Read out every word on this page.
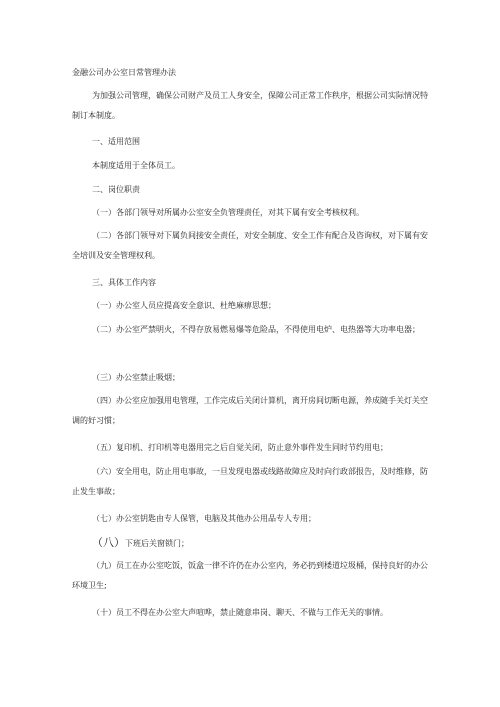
金融公司办公室日常管理办法
为加强公司管理，确保公司财产及员工人身安全，保障公司正常工作秩序，根据公司实际情况特制订本制度。
一、适用范围
本制度适用于全体员工。
二、岗位职责
（一）各部门领导对所属办公室安全负管理责任，对其下属有安全考核权利。
（二）各部门领导对下属负间接安全责任，对安全制度、安全工作有配合及咨询权，对下属有安全培训及安全管理权利。
三、具体工作内容
（一）办公室人员应提高安全意识、杜绝麻痹思想；
（二）办公室严禁明火，不得存放易燃易爆等危险品，不得使用电炉、电热器等大功率电器；
（三）办公室禁止吸烟；
（四）办公室应加强用电管理，工作完成后关闭计算机，离开房间切断电源，养成随手关灯关空调的好习惯；
（五）复印机、打印机等电器用完之后自觉关闭，防止意外事件发生同时节约用电；
（六）安全用电，防止用电事故，一旦发现电器或线路故障应及时向行政部报告，及时维修，防止发生事故；
（七）办公室钥匙由专人保管，电脑及其他办公用品专人专用；
（八）下班后关窗锁门；
（九）员工在办公室吃饭，饭盒一律不许仍在办公室内，务必扔到楼道垃圾桶，保持良好的办公环境卫生;
（十）员工不得在办公室大声喧哗，禁止随意串岗、聊天、不做与工作无关的事情。
